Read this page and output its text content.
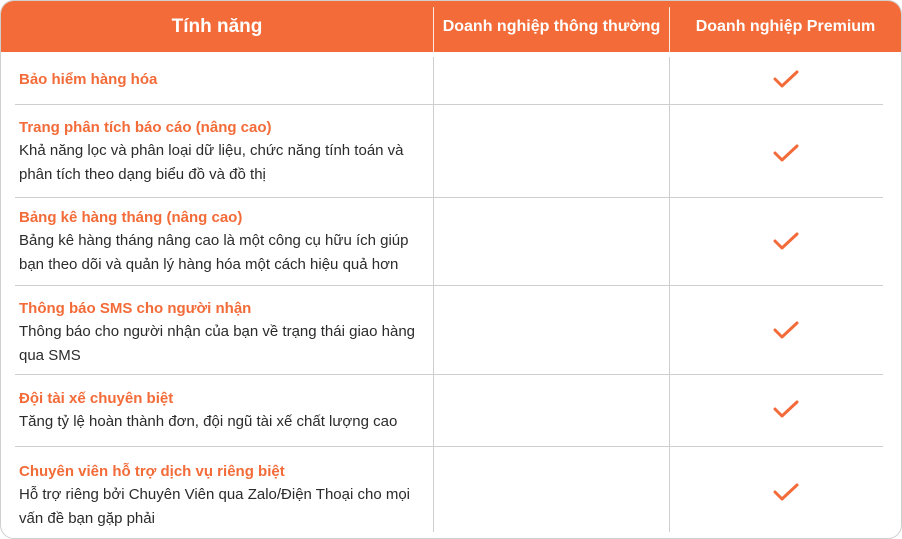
Tính năng	Doanh nghiệp thông thường	Doanh nghiệp Premium
Bảo hiểm hàng hóa
Trang phân tích báo cáo (nâng cao)
Khả năng lọc và phân loại dữ liệu, chức năng tính toán và phân tích theo dạng biểu đồ và đồ thị
Bảng kê hàng tháng (nâng cao)
Bảng kê hàng tháng nâng cao là một công cụ hữu ích giúp bạn theo dõi và quản lý hàng hóa một cách hiệu quả hơn
Thông báo SMS cho người nhận
Thông báo cho người nhận của bạn về trạng thái giao hàng qua SMS
Đội tài xế chuyên biệt
Tăng tỷ lệ hoàn thành đơn, đội ngũ tài xế chất lượng cao
Chuyên viên hỗ trợ dịch vụ riêng biệt
Hỗ trợ riêng bởi Chuyên Viên qua Zalo/Điện Thoại cho mọi vấn đề bạn gặp phải
